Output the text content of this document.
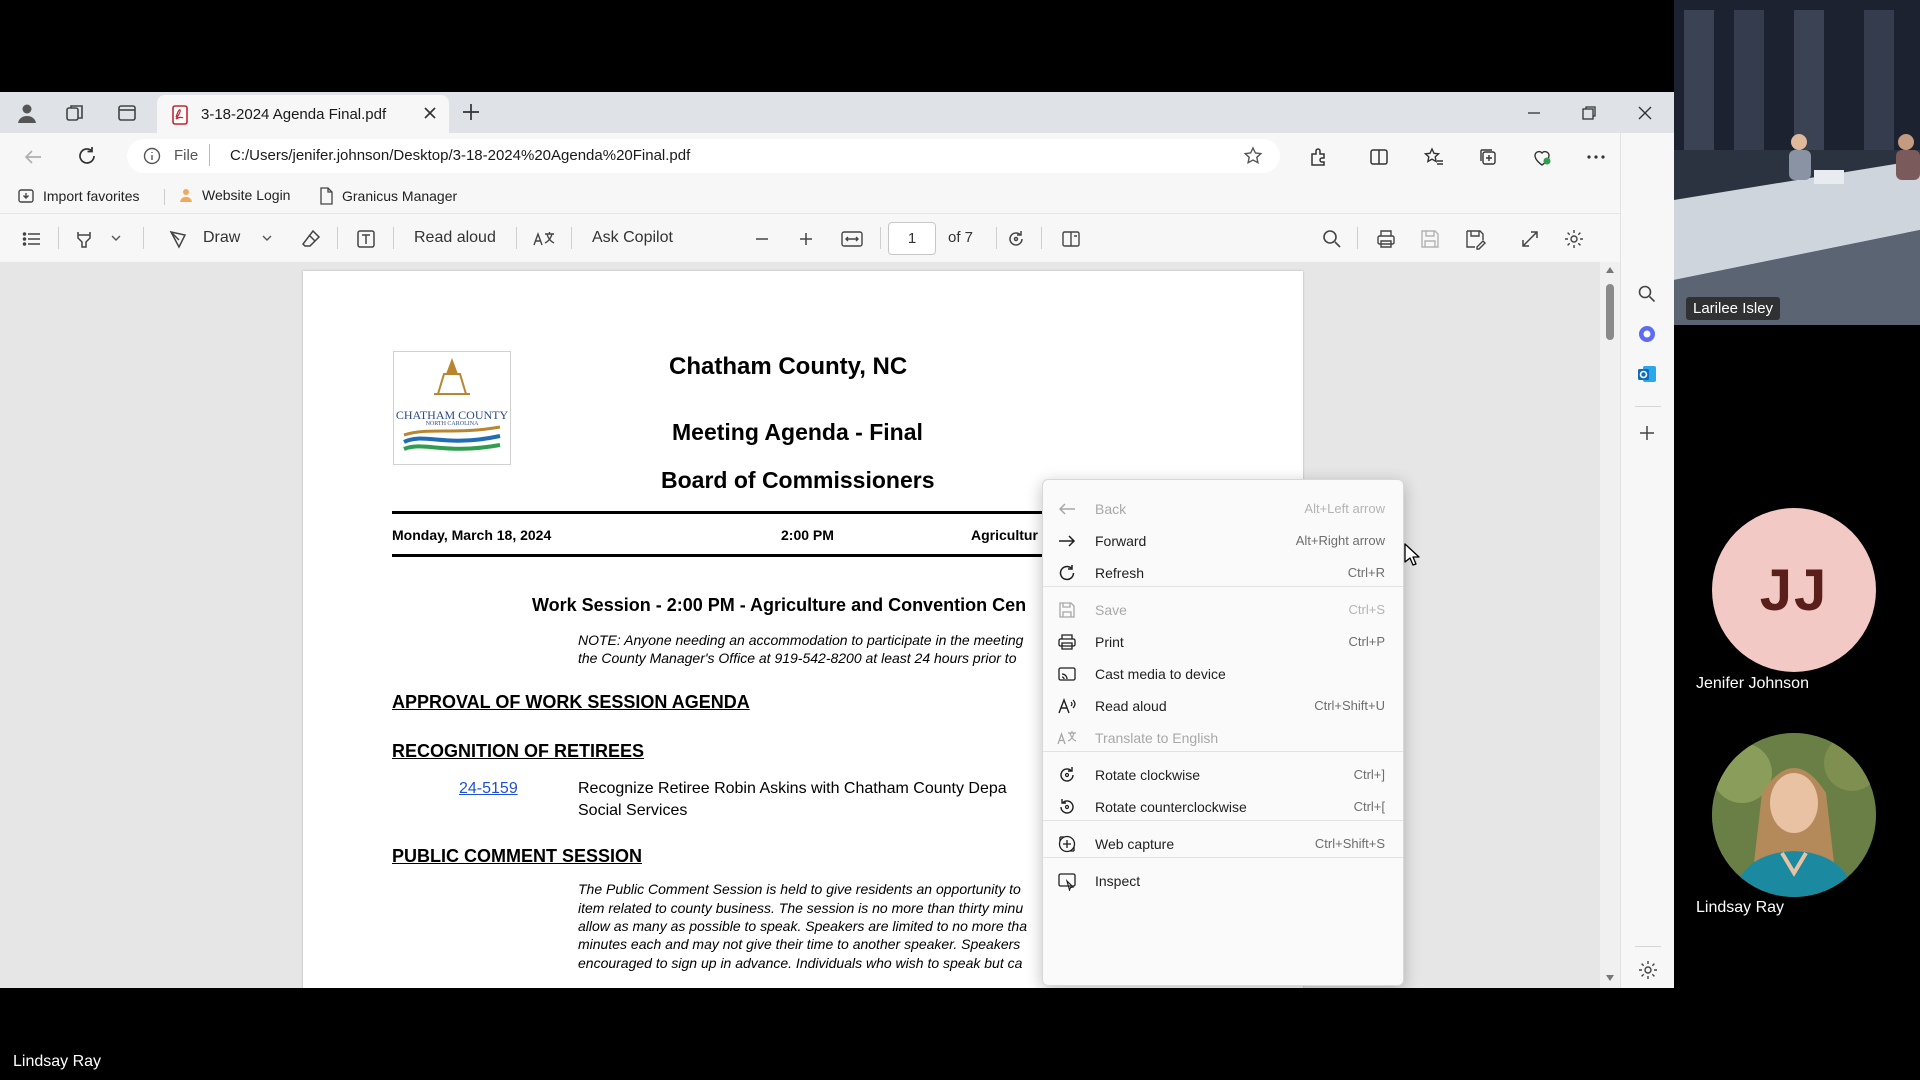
3-18-2024 Agenda Final.pdf
File C:/Users/jenifer.johnson/Desktop/3-18-2024%20Agenda%20Final.pdf
Import favorites	Website Login	Granicus Manager
Draw	Read aloud	Ask Copilot	1	of 7
CHATHAM COUNTY
NORTH CAROLINA
Chatham County, NC
Meeting Agenda - Final
Board of Commissioners
Monday, March 18, 2024	2:00 PM	Agricultur
Work Session - 2:00 PM - Agriculture and Convention Cen
NOTE: Anyone needing an accommodation to participate in the meeting
the County Manager's Office at 919-542-8200 at least 24 hours prior to
APPROVAL OF WORK SESSION AGENDA
RECOGNITION OF RETIREES
24-5159	Recognize Retiree Robin Askins with Chatham County Depa
Social Services
PUBLIC COMMENT SESSION
The Public Comment Session is held to give residents an opportunity to
item related to county business. The session is no more than thirty minu
allow as many as possible to speak. Speakers are limited to no more tha
minutes each and may not give their time to another speaker. Speakers
encouraged to sign up in advance. Individuals who wish to speak but ca
Back	Alt+Left arrow
Forward	Alt+Right arrow
Refresh	Ctrl+R
Save	Ctrl+S
Print	Ctrl+P
Cast media to device
Read aloud	Ctrl+Shift+U
Translate to English
Rotate clockwise	Ctrl+]
Rotate counterclockwise	Ctrl+[
Web capture	Ctrl+Shift+S
Inspect
Larilee Isley
JJ
Jenifer Johnson
Lindsay Ray
Lindsay Ray
